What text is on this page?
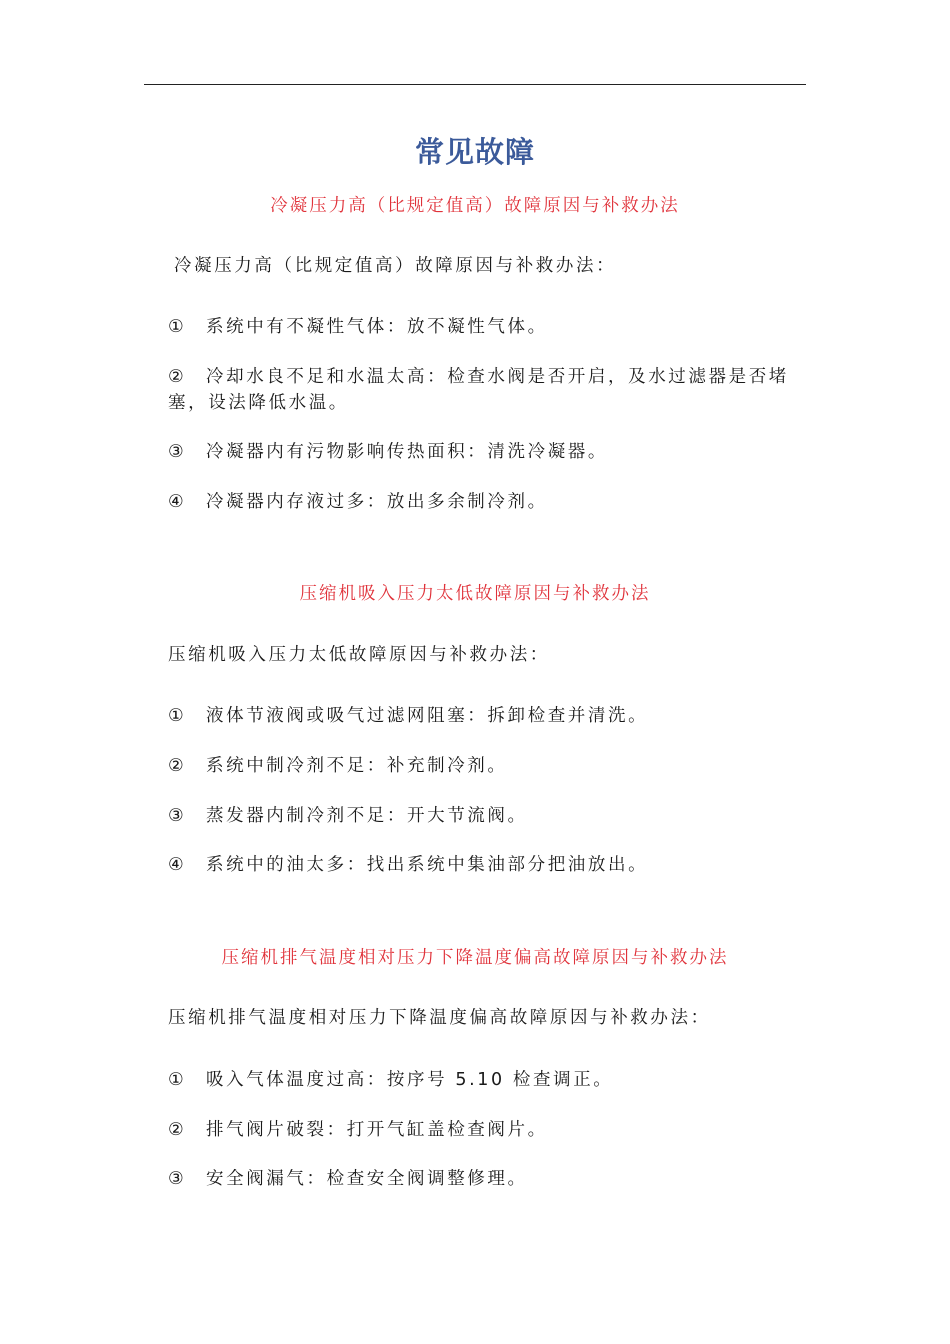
常见故障
冷凝压力高（比规定值高）故障原因与补救办法
冷凝压力高（比规定值高）故障原因与补救办法：
① 系统中有不凝性气体：放不凝性气体。
② 冷却水良不足和水温太高：检查水阀是否开启，及水过滤器是否堵塞，设法降低水温。
③ 冷凝器内有污物影响传热面积：清洗冷凝器。
④ 冷凝器内存液过多：放出多余制冷剂。
压缩机吸入压力太低故障原因与补救办法
压缩机吸入压力太低故障原因与补救办法：
① 液体节液阀或吸气过滤网阻塞：拆卸检查并清洗。
② 系统中制冷剂不足：补充制冷剂。
③ 蒸发器内制冷剂不足：开大节流阀。
④ 系统中的油太多：找出系统中集油部分把油放出。
压缩机排气温度相对压力下降温度偏高故障原因与补救办法
压缩机排气温度相对压力下降温度偏高故障原因与补救办法：
① 吸入气体温度过高：按序号 5.10 检查调正。
② 排气阀片破裂：打开气缸盖检查阀片。
③ 安全阀漏气：检查安全阀调整修理。
